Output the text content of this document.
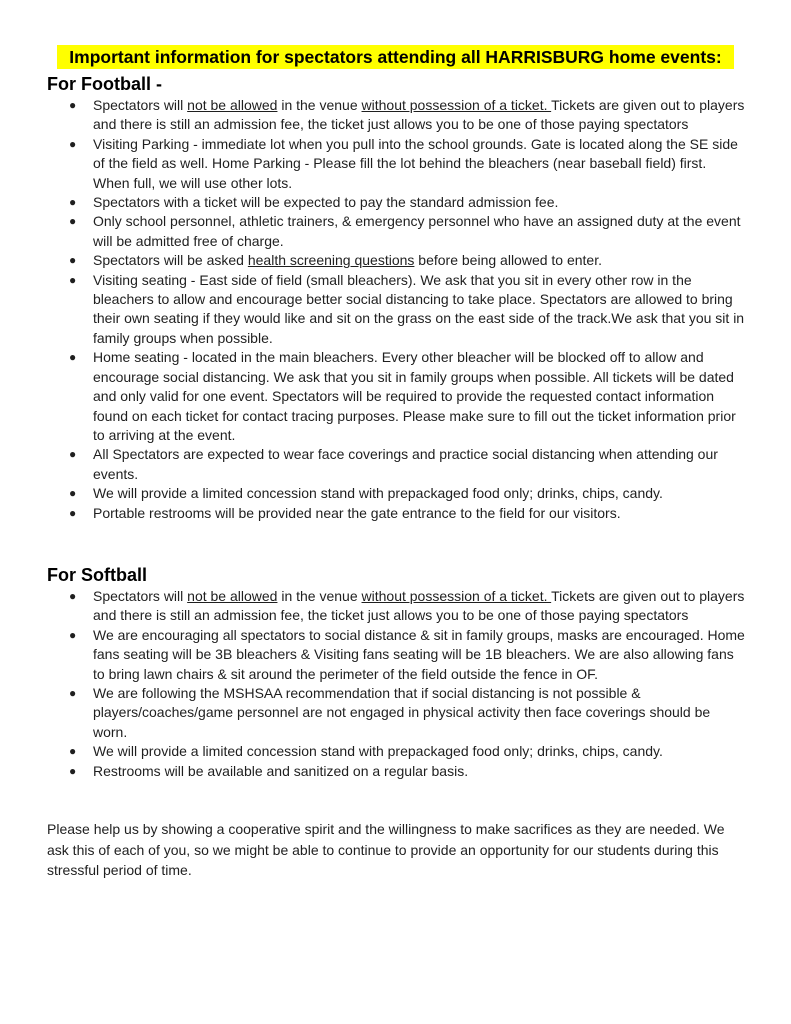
Important information for spectators attending all HARRISBURG home events:
For Football -
● Spectators will not be allowed in the venue without possession of a ticket. Tickets are given out to players and there is still an admission fee, the ticket just allows you to be one of those paying spectators
● Visiting Parking - immediate lot when you pull into the school grounds. Gate is located along the SE side of the field as well. Home Parking - Please fill the lot behind the bleachers (near baseball field) first. When full, we will use other lots.
● Spectators with a ticket will be expected to pay the standard admission fee.
● Only school personnel, athletic trainers, & emergency personnel who have an assigned duty at the event will be admitted free of charge.
● Spectators will be asked health screening questions before being allowed to enter.
● Visiting seating - East side of field (small bleachers). We ask that you sit in every other row in the bleachers to allow and encourage better social distancing to take place. Spectators are allowed to bring their own seating if they would like and sit on the grass on the east side of the track.We ask that you sit in family groups when possible.
● Home seating - located in the main bleachers. Every other bleacher will be blocked off to allow and encourage social distancing. We ask that you sit in family groups when possible. All tickets will be dated and only valid for one event. Spectators will be required to provide the requested contact information found on each ticket for contact tracing purposes. Please make sure to fill out the ticket information prior to arriving at the event.
● All Spectators are expected to wear face coverings and practice social distancing when attending our events.
● We will provide a limited concession stand with prepackaged food only; drinks, chips, candy.
● Portable restrooms will be provided near the gate entrance to the field for our visitors.
For Softball
● Spectators will not be allowed in the venue without possession of a ticket. Tickets are given out to players and there is still an admission fee, the ticket just allows you to be one of those paying spectators
● We are encouraging all spectators to social distance & sit in family groups, masks are encouraged. Home fans seating will be 3B bleachers & Visiting fans seating will be 1B bleachers. We are also allowing fans to bring lawn chairs & sit around the perimeter of the field outside the fence in OF.
● We are following the MSHSAA recommendation that if social distancing is not possible & players/coaches/game personnel are not engaged in physical activity then face coverings should be worn.
● We will provide a limited concession stand with prepackaged food only; drinks, chips, candy.
● Restrooms will be available and sanitized on a regular basis.

Please help us by showing a cooperative spirit and the willingness to make sacrifices as they are needed. We ask this of each of you, so we might be able to continue to provide an opportunity for our students during this stressful period of time.
